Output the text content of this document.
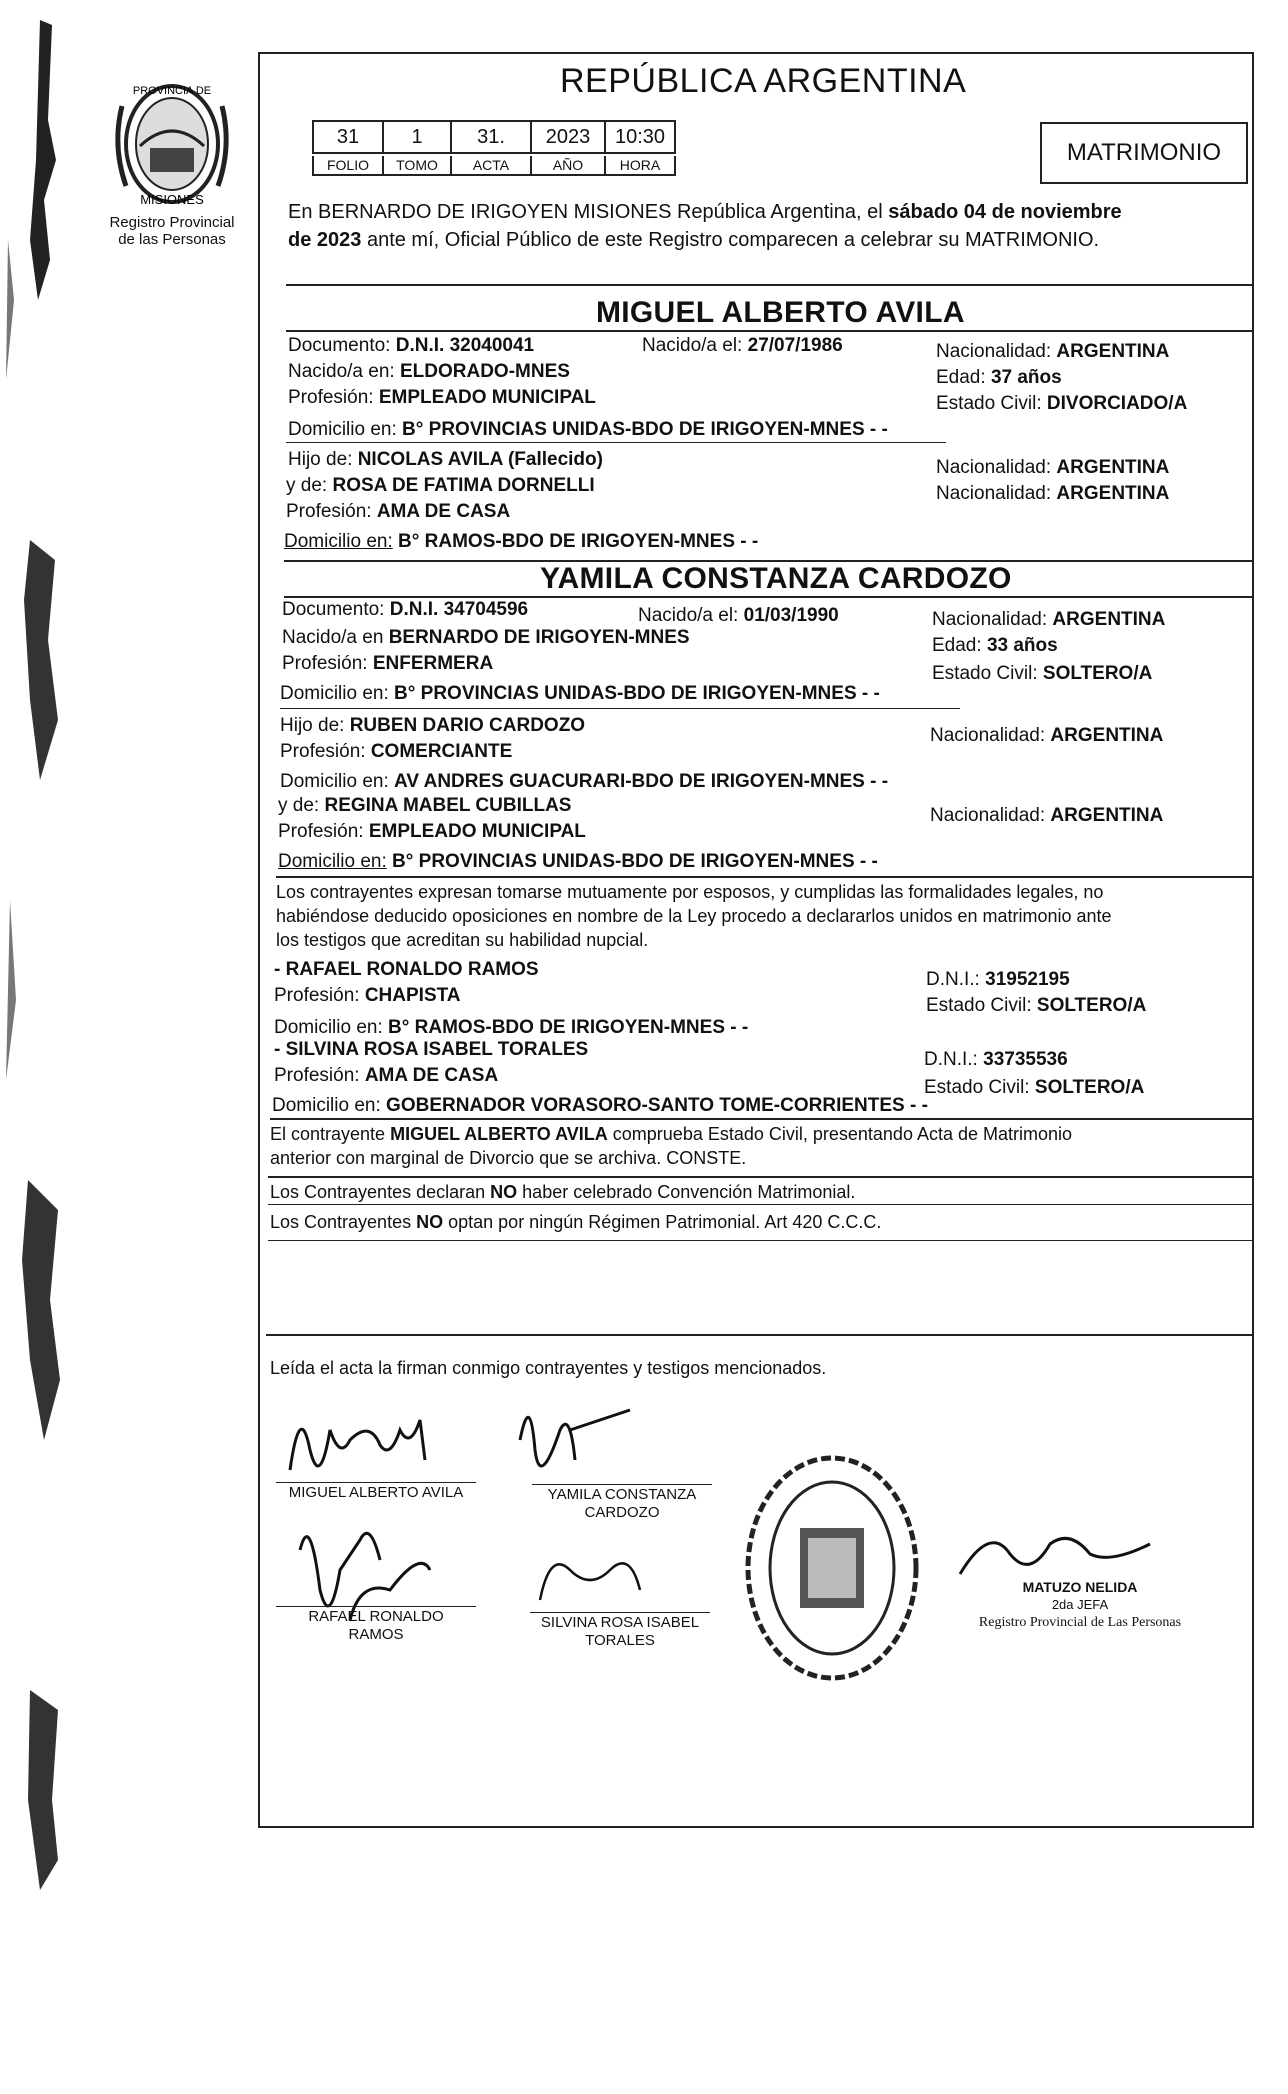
PROVINCIA DE
MISIONES
Registro Provincial
de las Personas
REPÚBLICA ARGENTINA
31	1	31.	2023	10:30
FOLIO	TOMO	ACTA	AÑO	HORA	MATRIMONIO
En BERNARDO DE IRIGOYEN MISIONES República Argentina, el sábado 04 de noviembre
de 2023 ante mí, Oficial Público de este Registro comparecen a celebrar su MATRIMONIO.
MIGUEL ALBERTO AVILA
Documento: D.N.I. 32040041	Nacido/a el: 27/07/1986	Nacionalidad: ARGENTINA
Nacido/a en: ELDORADO-MNES	Edad: 37 años
Profesión: EMPLEADO MUNICIPAL	Estado Civil: DIVORCIADO/A
Domicilio en: B° PROVINCIAS UNIDAS-BDO DE IRIGOYEN-MNES - -
Hijo de: NICOLAS AVILA (Fallecido)	Nacionalidad: ARGENTINA
y de: ROSA DE FATIMA DORNELLI	Nacionalidad: ARGENTINA
Profesión: AMA DE CASA
Domicilio en: B° RAMOS-BDO DE IRIGOYEN-MNES - -
YAMILA CONSTANZA CARDOZO
Documento: D.N.I. 34704596	Nacido/a el: 01/03/1990	Nacionalidad: ARGENTINA
Nacido/a en BERNARDO DE IRIGOYEN-MNES	Edad: 33 años
Profesión: ENFERMERA	Estado Civil: SOLTERO/A
Domicilio en: B° PROVINCIAS UNIDAS-BDO DE IRIGOYEN-MNES - -
Hijo de: RUBEN DARIO CARDOZO	Nacionalidad: ARGENTINA
Profesión: COMERCIANTE
Domicilio en: AV ANDRES GUACURARI-BDO DE IRIGOYEN-MNES - -
y de: REGINA MABEL CUBILLAS	Nacionalidad: ARGENTINA
Profesión: EMPLEADO MUNICIPAL
Domicilio en: B° PROVINCIAS UNIDAS-BDO DE IRIGOYEN-MNES - -
Los contrayentes expresan tomarse mutuamente por esposos, y cumplidas las formalidades legales, no
habiéndose deducido oposiciones en nombre de la Ley procedo a declararlos unidos en matrimonio ante
los testigos que acreditan su habilidad nupcial.
- RAFAEL RONALDO RAMOS	D.N.I.: 31952195
Profesión: CHAPISTA	Estado Civil: SOLTERO/A
Domicilio en: B° RAMOS-BDO DE IRIGOYEN-MNES - -
- SILVINA ROSA ISABEL TORALES	D.N.I.: 33735536
Profesión: AMA DE CASA
Estado Civil: SOLTERO/A
Domicilio en: GOBERNADOR VORASORO-SANTO TOME-CORRIENTES - -
El contrayente MIGUEL ALBERTO AVILA comprueba Estado Civil, presentando Acta de Matrimonio
anterior con marginal de Divorcio que se archiva. CONSTE.
Los Contrayentes declaran NO haber celebrado Convención Matrimonial.
Los Contrayentes NO optan por ningún Régimen Patrimonial. Art 420 C.C.C.
Leída el acta la firman conmigo contrayentes y testigos mencionados.
MIGUEL ALBERTO AVILA	YAMILA CONSTANZA
CARDOZO
RAFAEL RONALDO
RAMOS
SILVINA ROSA ISABEL
TORALES
MATUZO NELIDA
2da JEFA
Registro Provincial de Las Personas
